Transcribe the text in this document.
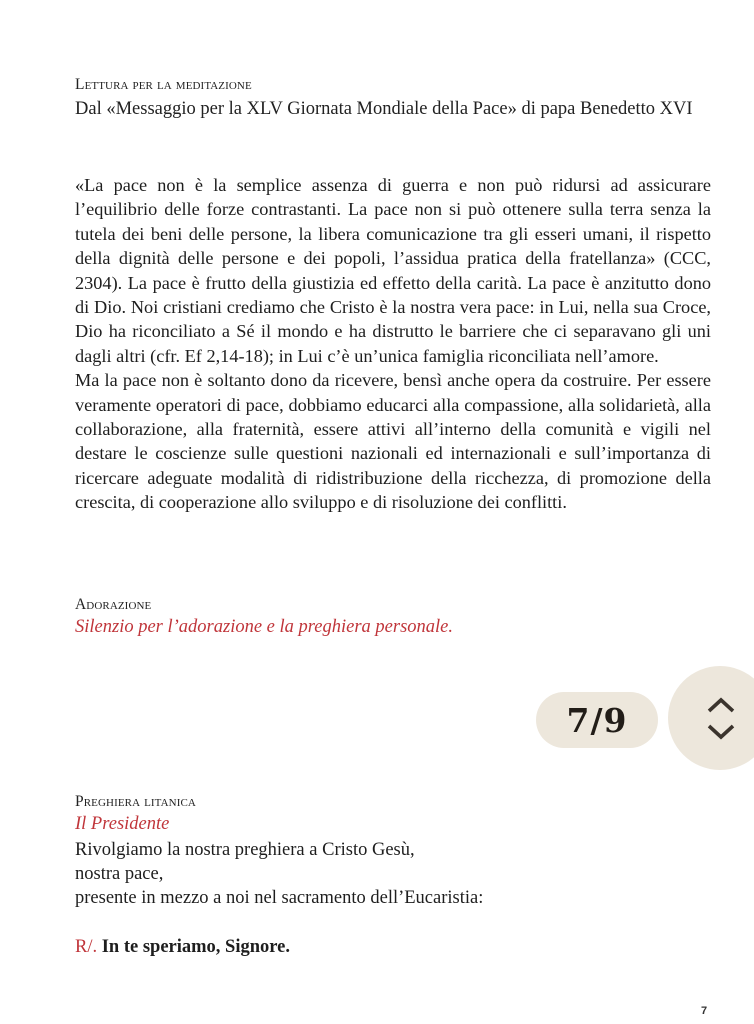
Lettura per la meditazione
Dal «Messaggio per la XLV Giornata Mondiale della Pace» di papa Benedetto XVI

«La pace non è la semplice assenza di guerra e non può ridursi ad assicurare l’equilibrio delle forze contrastanti. La pace non si può ottenere sulla terra senza la tutela dei beni delle persone, la libera comunicazione tra gli esseri umani, il rispetto della dignità delle persone e dei popoli, l’assidua pratica della fratellanza» (CCC, 2304). La pace è frutto della giustizia ed effetto della carità. La pace è anzitutto dono di Dio. Noi cristiani crediamo che Cristo è la nostra vera pace: in Lui, nella sua Croce, Dio ha riconciliato a Sé il mondo e ha distrutto le barriere che ci separavano gli uni dagli altri (cfr. Ef 2,14-18); in Lui c’è un’unica famiglia riconciliata nell’amore.

Ma la pace non è soltanto dono da ricevere, bensì anche opera da costruire. Per essere veramente operatori di pace, dobbiamo educarci alla compassione, alla solidarietà, alla collaborazione, alla fraternità, essere attivi all’interno della comunità e vigili nel destare le coscienze sulle questioni nazionali ed internazionali e sull’importanza di ricercare adeguate modalità di ridistribuzione della ricchezza, di promozione della crescita, di cooperazione allo sviluppo e di risoluzione dei conflitti.

Adorazione
Silenzio per l’adorazione e la preghiera personale.
7/9
Preghiera litanica
Il Presidente
Rivolgiamo la nostra preghiera a Cristo Gesù,
nostra pace,
presente in mezzo a noi nel sacramento dell’Eucaristia:
R/. In te speriamo, Signore.
7
